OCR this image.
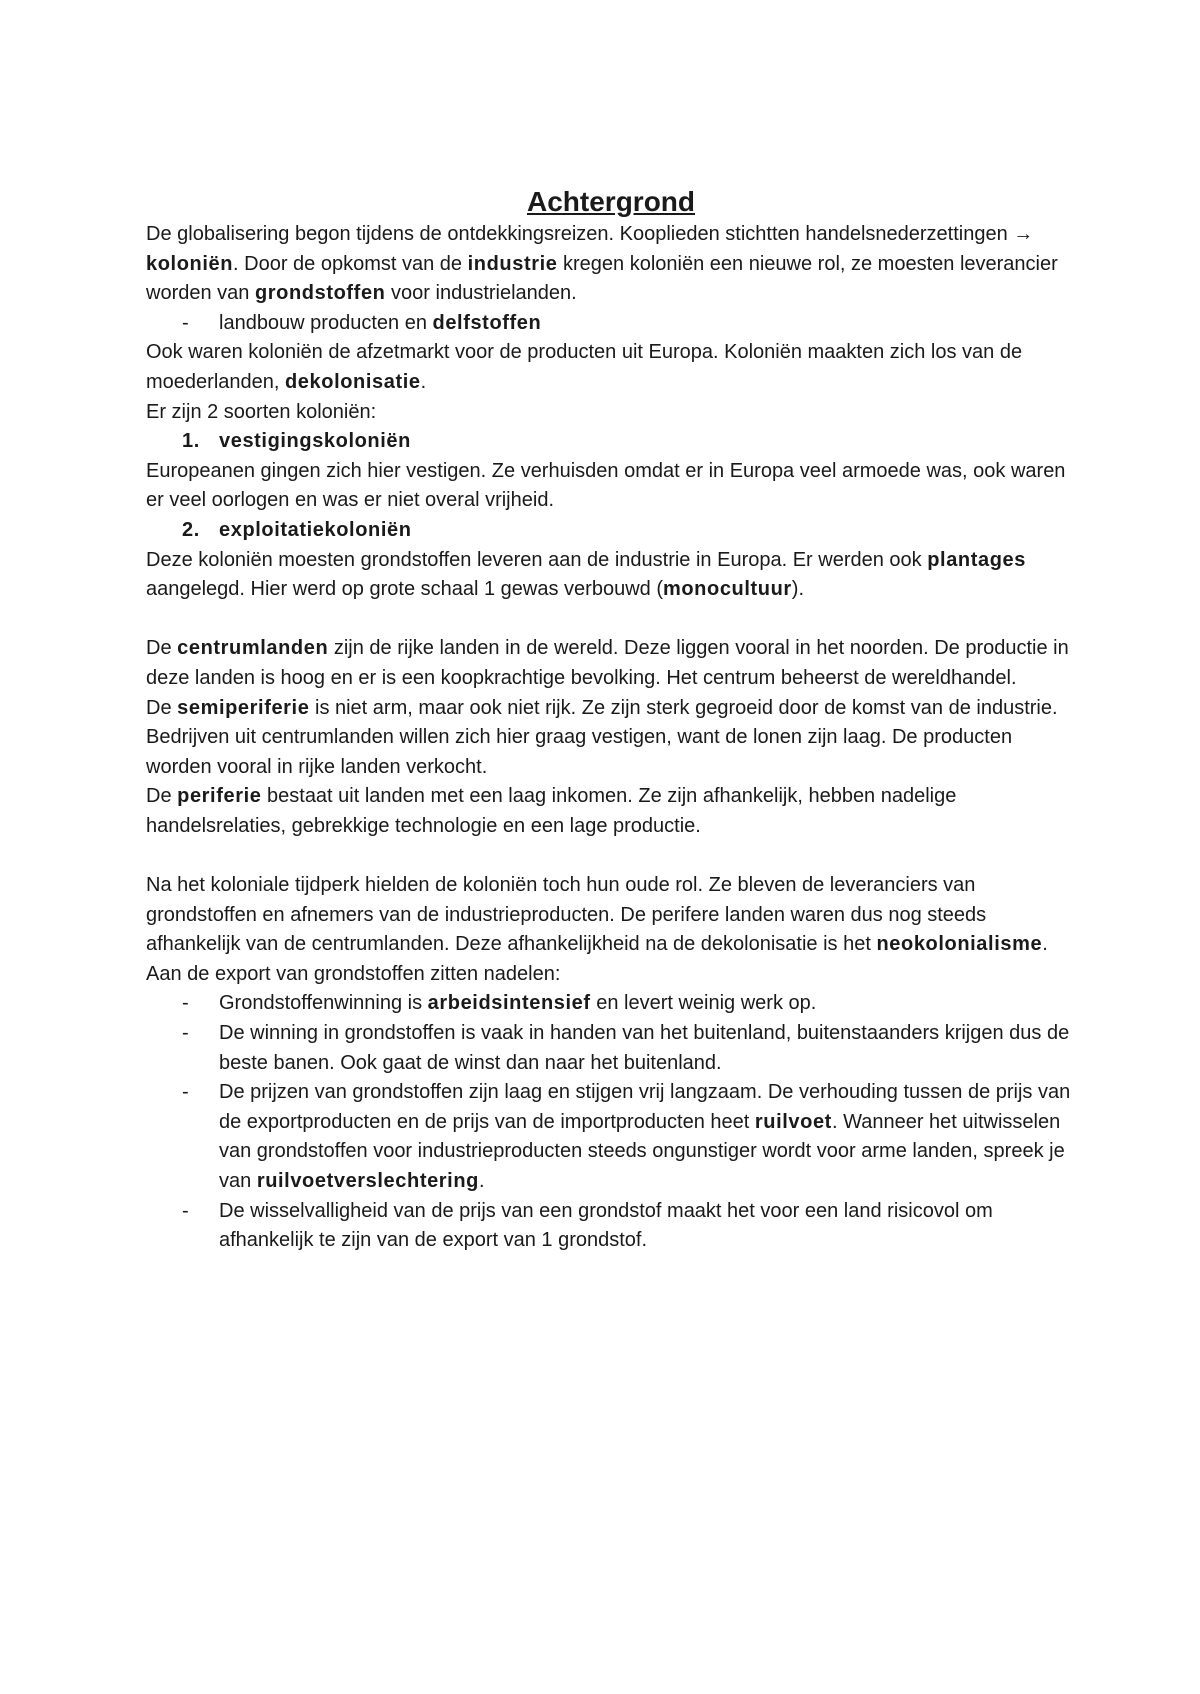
Achtergrond

De globalisering begon tijdens de ontdekkingsreizen. Kooplieden stichtten handelsnederzettingen → koloniën. Door de opkomst van de industrie kregen koloniën een nieuwe rol, ze moesten leverancier worden van grondstoffen voor industrielanden.

- landbouw producten en delfstoffen

Ook waren koloniën de afzetmarkt voor de producten uit Europa. Koloniën maakten zich los van de moederlanden, dekolonisatie.

Er zijn 2 soorten koloniën:

1. vestigingskoloniën

Europeanen gingen zich hier vestigen. Ze verhuisden omdat er in Europa veel armoede was, ook waren er veel oorlogen en was er niet overal vrijheid.

2. exploitatiekoloniën

Deze koloniën moesten grondstoffen leveren aan de industrie in Europa. Er werden ook plantages aangelegd. Hier werd op grote schaal 1 gewas verbouwd (monocultuur).

De centrumlanden zijn de rijke landen in de wereld. Deze liggen vooral in het noorden. De productie in deze landen is hoog en er is een koopkrachtige bevolking. Het centrum beheerst de wereldhandel.

De semiperiferie is niet arm, maar ook niet rijk. Ze zijn sterk gegroeid door de komst van de industrie. Bedrijven uit centrumlanden willen zich hier graag vestigen, want de lonen zijn laag. De producten worden vooral in rijke landen verkocht.

De periferie bestaat uit landen met een laag inkomen. Ze zijn afhankelijk, hebben nadelige handelsrelaties, gebrekkige technologie en een lage productie.

Na het koloniale tijdperk hielden de koloniën toch hun oude rol. Ze bleven de leveranciers van grondstoffen en afnemers van de industrieproducten. De perifere landen waren dus nog steeds afhankelijk van de centrumlanden. Deze afhankelijkheid na de dekolonisatie is het neokolonialisme.

Aan de export van grondstoffen zitten nadelen:

- Grondstoffenwinning is arbeidsintensief en levert weinig werk op.
- De winning in grondstoffen is vaak in handen van het buitenland, buitenstaanders krijgen dus de beste banen. Ook gaat de winst dan naar het buitenland.
- De prijzen van grondstoffen zijn laag en stijgen vrij langzaam. De verhouding tussen de prijs van de exportproducten en de prijs van de importproducten heet ruilvoet. Wanneer het uitwisselen van grondstoffen voor industrieproducten steeds ongunstiger wordt voor arme landen, spreek je van ruilvoetverslechtering.
- De wisselvalligheid van de prijs van een grondstof maakt het voor een land risicovol om afhankelijk te zijn van de export van 1 grondstof.
